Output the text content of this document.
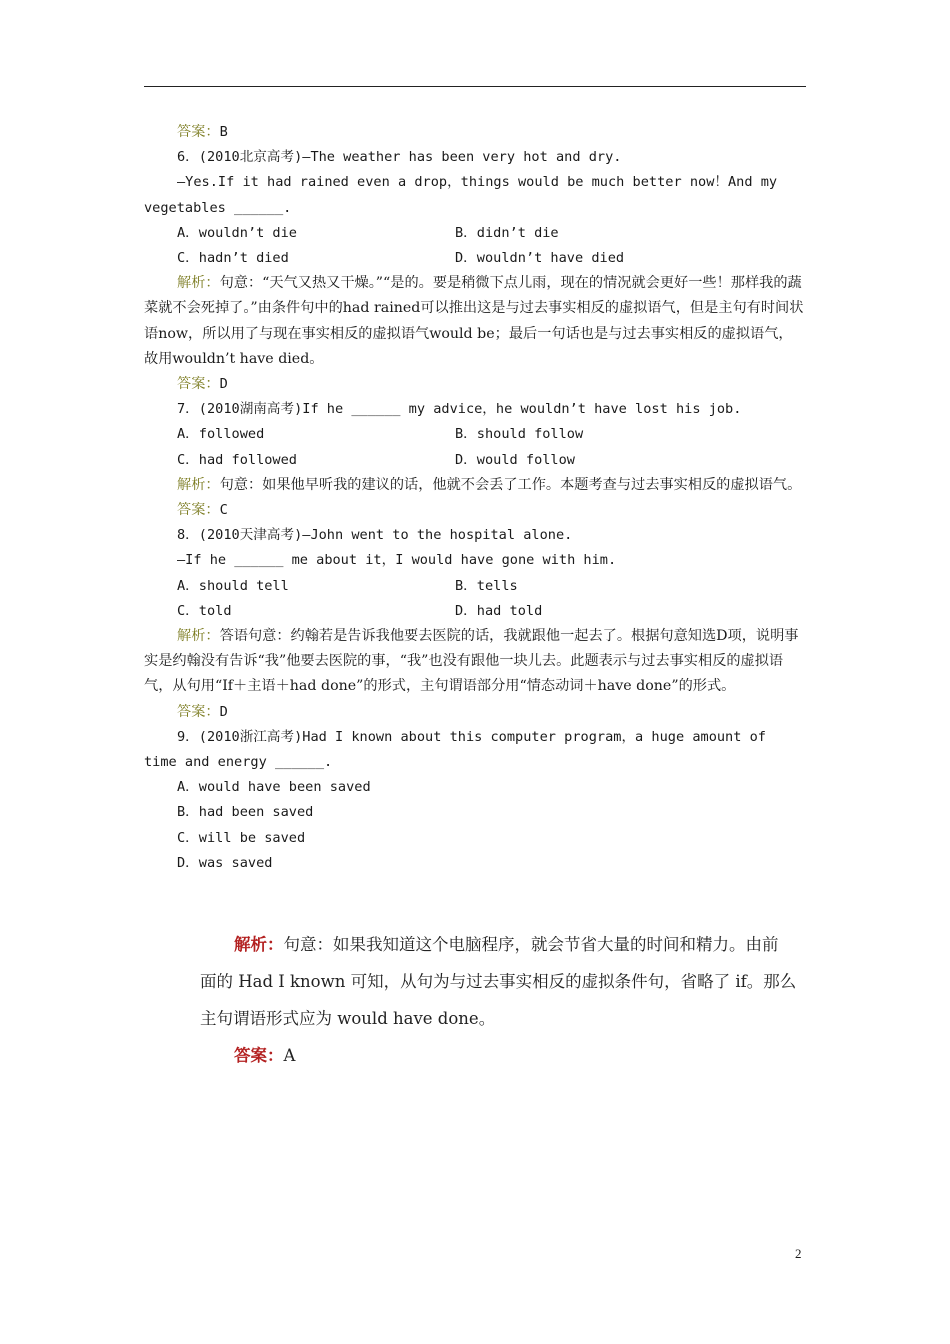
答案：B
6．(2010北京高考)—The weather has been very hot and dry.
—Yes.If it had rained even a drop，things would be much better now！And my
vegetables ______.
A．wouldn’t die	B．didn’t die
C．hadn’t died	D．wouldn’t have died
解析：句意：“天气又热又干燥。”“是的。要是稍微下点儿雨，现在的情况就会更好一些！那样我的蔬菜就不会死掉了。”由条件句中的had rained可以推出这是与过去事实相反的虚拟语气，但是主句有时间状语now，所以用了与现在事实相反的虚拟语气would be；最后一句话也是与过去事实相反的虚拟语气，故用wouldn’t have died。
答案：D
7．(2010湖南高考)If he ______ my advice，he wouldn’t have lost his job.
A．followed	B．should follow
C．had followed	D．would follow
解析：句意：如果他早听我的建议的话，他就不会丢了工作。本题考查与过去事实相反的虚拟语气。
答案：C
8．(2010天津高考)—John went to the hospital alone.
—If he ______ me about it，I would have gone with him.
A．should tell	B．tells
C．told	D．had told
解析：答语句意：约翰若是告诉我他要去医院的话，我就跟他一起去了。根据句意知选D项，说明事实是约翰没有告诉“我”他要去医院的事，“我”也没有跟他一块儿去。此题表示与过去事实相反的虚拟语气，从句用“If＋主语＋had done”的形式，主句谓语部分用“情态动词＋have done”的形式。
答案：D
9．(2010浙江高考)Had I known about this computer program，a huge amount of
time and energy ______.
A．would have been saved
B．had been saved
C．will be saved
D．was saved
解析：句意：如果我知道这个电脑程序，就会节省大量的时间和精力。由前
面的 Had I known 可知，从句为与过去事实相反的虚拟条件句，省略了 if。那么
主句谓语形式应为 would have done。
答案：A
2
